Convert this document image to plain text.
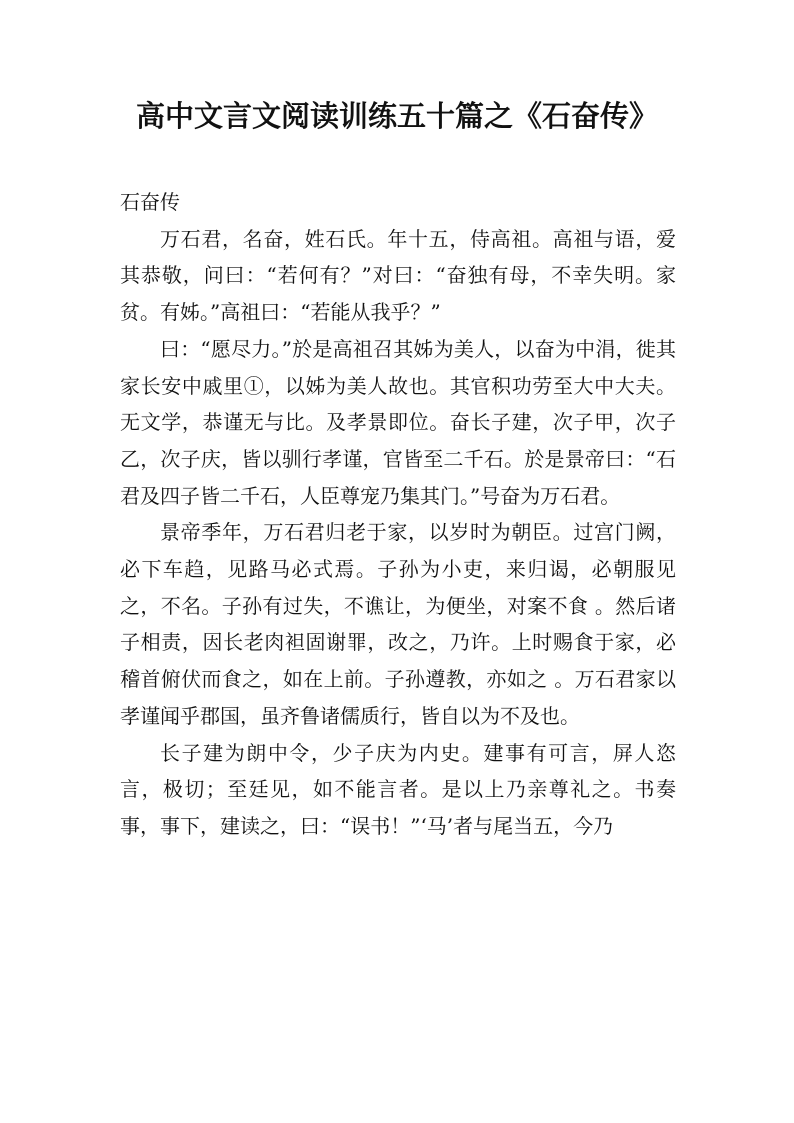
高中文言文阅读训练五十篇之《石奋传》

石奋传

万石君，名奋，姓石氏。年十五，侍高祖。高祖与语，爱其恭敬，问曰：“若何有？”对曰：“奋独有母，不幸失明。家贫。有姊。”高祖曰：“若能从我乎？”

曰：“愿尽力。”於是高祖召其姊为美人，以奋为中涓，徙其家长安中戚里①，以姊为美人故也。其官积功劳至大中大夫。无文学，恭谨无与比。及孝景即位。奋长子建，次子甲，次子乙，次子庆，皆以驯行孝谨，官皆至二千石。於是景帝曰：“石君及四子皆二千石，人臣尊宠乃集其门。”号奋为万石君。

景帝季年，万石君归老于家，以岁时为朝臣。过宫门阙，必下车趋，见路马必式焉。子孙为小吏，来归谒，必朝服见之，不名。子孙有过失，不谯让，为便坐，对案不食 。然后诸子相责，因长老肉袒固谢罪，改之，乃许。上时赐食于家，必稽首俯伏而食之，如在上前。子孙遵教，亦如之 。万石君家以孝谨闻乎郡国，虽齐鲁诸儒质行，皆自以为不及也。

长子建为朗中令，少子庆为内史。建事有可言，屏人恣言，极切；至廷见，如不能言者。是以上乃亲尊礼之。书奏事，事下，建读之，曰：“误书！”‘马’者与尾当五，今乃
